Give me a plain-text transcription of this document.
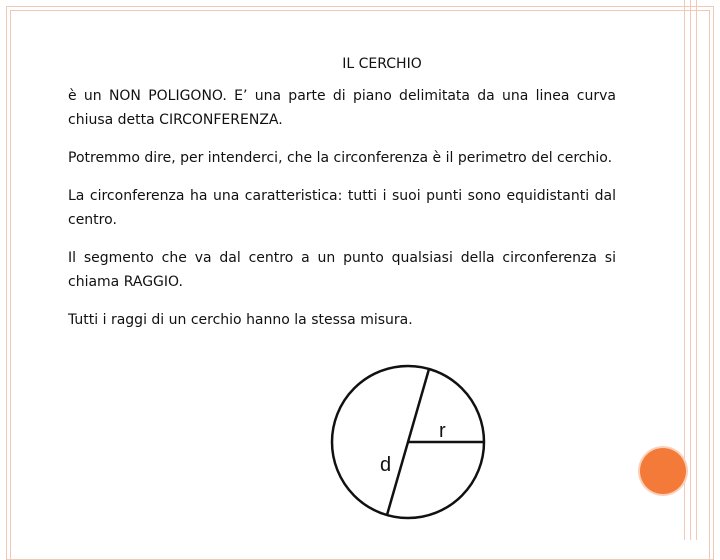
IL CERCHIO

è un NON POLIGONO. E’ una parte di piano delimitata da una linea curva chiusa detta CIRCONFERENZA.

Potremmo dire, per intenderci, che la circonferenza è il perimetro del cerchio.

La circonferenza ha una caratteristica: tutti i suoi punti sono equidistanti dal centro.

Il segmento che va dal centro a un punto qualsiasi della circonferenza si chiama RAGGIO.

Tutti i raggi di un cerchio hanno la stessa misura.

r
d
